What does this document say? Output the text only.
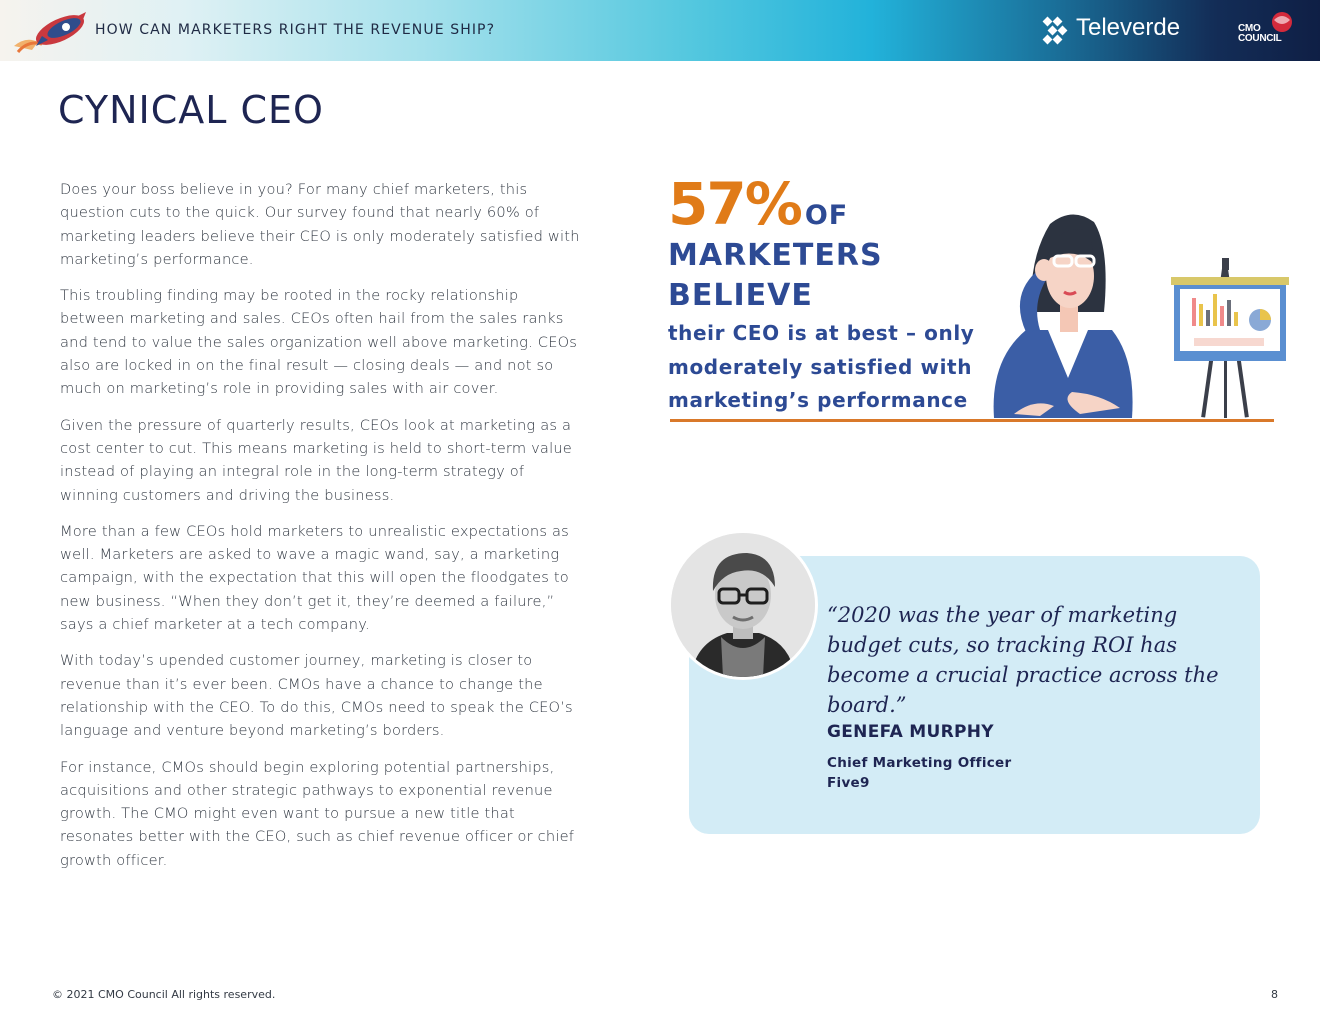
HOW CAN MARKETERS RIGHT THE REVENUE SHIP?	Televerde	CMO COUNCIL
CYNICAL CEO

Does your boss believe in you? For many chief marketers, this question cuts to the quick. Our survey found that nearly 60% of marketing leaders believe their CEO is only moderately satisfied with marketing’s performance.

This troubling finding may be rooted in the rocky relationship between marketing and sales. CEOs often hail from the sales ranks and tend to value the sales organization well above marketing. CEOs also are locked in on the final result — closing deals — and not so much on marketing’s role in providing sales with air cover.

Given the pressure of quarterly results, CEOs look at marketing as a cost center to cut. This means marketing is held to short-term value instead of playing an integral role in the long-term strategy of winning customers and driving the business.

More than a few CEOs hold marketers to unrealistic expectations as well. Marketers are asked to wave a magic wand, say, a marketing campaign, with the expectation that this will open the floodgates to new business. “When they don’t get it, they’re deemed a failure,” says a chief marketer at a tech company.

With today’s upended customer journey, marketing is closer to revenue than it’s ever been. CMOs have a chance to change the relationship with the CEO. To do this, CMOs need to speak the CEO’s language and venture beyond marketing’s borders.

For instance, CMOs should begin exploring potential partnerships, acquisitions and other strategic pathways to exponential revenue growth. The CMO might even want to pursue a new title that resonates better with the CEO, such as chief revenue officer or chief growth officer.

57% OF
MARKETERS
BELIEVE
their CEO is at best – only
moderately satisfied with
marketing’s performance
“2020 was the year of marketing budget cuts, so tracking ROI has become a crucial practice across the board.”
GENEFA MURPHY
Chief Marketing Officer
Five9
© 2021 CMO Council All rights reserved.	8
